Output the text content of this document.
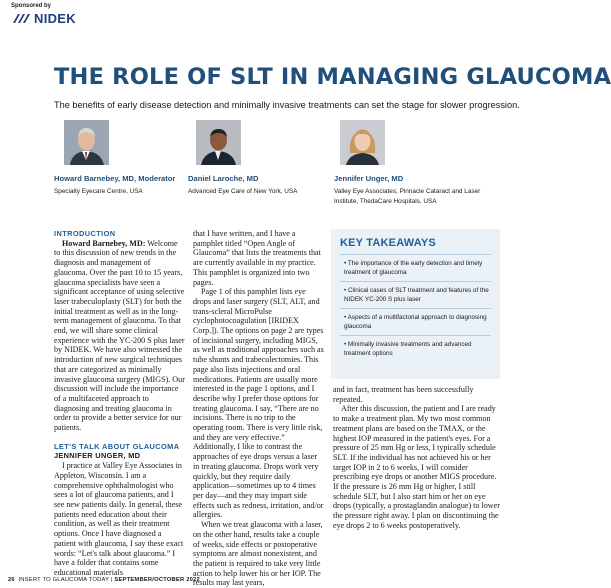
Sponsored by
NIDEK
THE ROLE OF SLT IN MANAGING GLAUCOMA
The benefits of early disease detection and minimally invasive treatments can set the stage for slower progression.
Howard Barnebey, MD, Moderator
Specialty Eyecare Centre, USA
Daniel Laroche, MD
Advanced Eye Care of New York, USA
Jennifer Unger, MD
Valley Eye Associates, Pinnacle Cataract and Laser
Institute, ThedaCare Hospitals, USA
INTRODUCTION

Howard Barnebey, MD: Welcome to this discussion of new trends in the diagnosis and management of glaucoma. Over the past 10 to 15 years, glaucoma specialists have seen a significant acceptance of using selective laser trabeculoplasty (SLT) for both the initial treatment as well as in the long-term management of glaucoma. To that end, we will share some clinical experience with the YC-200 S plus laser by NIDEK. We have also witnessed the introduction of new surgical techniques that are categorized as minimally invasive glaucoma surgery (MIGS). Our discussion will include the importance of a multifaceted approach to diagnosing and treating glaucoma in order to provide a better service for our patients.

LET'S TALK ABOUT GLAUCOMA
JENNIFER UNGER, MD

I practice at Valley Eye Associates in Appleton, Wisconsin. I am a comprehensive ophthalmologist who sees a lot of glaucoma patients, and I see new patients daily. In general, these patients need education about their condition, as well as their treatment options. Once I have diagnosed a patient with glaucoma, I say these exact words: “Let's talk about glaucoma.” I have a folder that contains some educational materials

that I have written, and I have a pamphlet titled “Open Angle of Glaucoma” that lists the treatments that are currently available in my practice. This pamphlet is organized into two pages.

Page 1 of this pamphlet lists eye drops and laser surgery (SLT, ALT, and trans-scleral MicroPulse cyclophotocoagulation [IRIDEX Corp.]). The options on page 2 are types of incisional surgery, including MIGS, as well as traditional approaches such as tube shunts and trabeculectomies. This page also lists injections and oral medications. Patients are usually more interested in the page 1 options, and I describe why I prefer those options for treating glaucoma. I say, “There are no incisions. There is no trip to the operating room. There is very little risk, and they are very effective.” Additionally, I like to contrast the approaches of eye drops versus a laser in treating glaucoma. Drops work very quickly, but they require daily application—sometimes up to 4 times per day—and they may impart side effects such as redness, irritation, and/or allergies.

When we treat glaucoma with a laser, on the other hand, results take a couple of weeks, side effects or postoperative symptoms are almost nonexistent, and the patient is required to take very little action to help lower his or her IOP. The results may last years,

KEY TAKEAWAYS
• The importance of the early detection and timely treatment of glaucoma
• Clinical cases of SLT treatment and features of the NIDEK YC-200 S plus laser
• Aspects of a multifactorial approach to diagnosing glaucoma
• Minimally invasive treatments and advanced treatment options

and in fact, treatment has been successfully repeated.

After this discussion, the patient and I are ready to make a treatment plan. My two most common treatment plans are based on the TMAX, or the highest IOP measured in the patient's eyes. For a pressure of 25 mm Hg or less, I typically schedule SLT. If the individual has not achieved his or her target IOP in 2 to 6 weeks, I will consider prescribing eye drops or another MIGS procedure. If the pressure is 26 mm Hg or higher, I still schedule SLT, but I also start him or her on eye drops (typically, a prostaglandin analogue) to lower the pressure right away. I plan on discontinuing the eye drops 2 to 6 weeks postoperatively.

26 INSERT TO GLAUCOMA TODAY | SEPTEMBER/OCTOBER 2022
